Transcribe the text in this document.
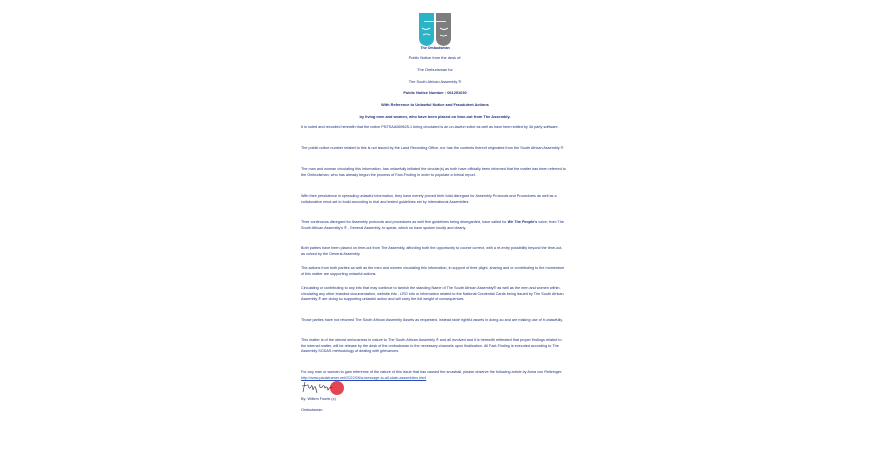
The Ombudsman
Public Notice from the desk of:
The Ombudsman for
The South African Assembly ®
Public Notice Number : 061291630
With Reference to Unlawful Notice and Fraudulent Actions
by living men and women, who have been placed on time-out from The Assembly.

It is noted and recorded herewith that the notice PNTSAA069825-1 being circulated is an un-lawful notice as well as have been edited by 3d party software.

The public notice number related to this is not issued by the Land Recording Office, nor has the contents thereof originated from the South African Assembly ®

The man and woman circulating this information, has unlawfully initiated the circular(s) as both have officially been informed that the matter has been referred to the Ombudsman, who has already begun the process of Fact-Finding in order to populate a formal report.

With their persistence in spreading unlawful information, they have merely proved their total disregard for Assembly Protocols and Procedures as well as a collaborative mind-set to build according to trial and tested guidelines set by International Assemblies.

Their continuous disregard for Assembly protocols and procedures as well firm guidelines being disregarded, have called for We The People's voice, from The South African Assembly's ® , General Assembly, to speak, which so have spoken loudly and clearly.

Both parties have been placed on time-out from The Assembly, affording both the opportunity to course correct, with a re-entry possibility beyond the time-out, as voiced by the General Assembly.

The actions from both parties as well as the men and women circulating this information, in support of their plight, sharing and or contributing to the momentum of this matter are supporting unlawful actions.

Circulating or contributing to any info that may continue to tarnish the standing Name of The South African Assembly® as well as the men and women within, circulating any other branded documentation, website info , LRO info or information related to the National Credential Cards being issued by The South African Assembly ® are doing so supporting unlawful action and will carry the full weight of consequences.

Those parties have not returned The South African Assembly Assets as requested, instead stole rightful assets in doing-so and are making use of it unlawfully.

This matter is of the utmost seriousness in nature to The South African Assembly ® and all involved and it is herewith reiterated that proper findings related to the internal matter, will be release by the desk of the ombudsman to the necessary channels upon finalization. All Fact-Finding is executed according to The Assembly SODAS methodology of dealing with grievances.

For any man or woman to gain reference of the nature of this issue that has caused the snowball, please observe the following article by Anna von Reitzinger: http://www.paulstramer.net/2022/09/a-message-to-all-state-assemblies.html

By: Willem Fourie.(c)
Ombudsman
